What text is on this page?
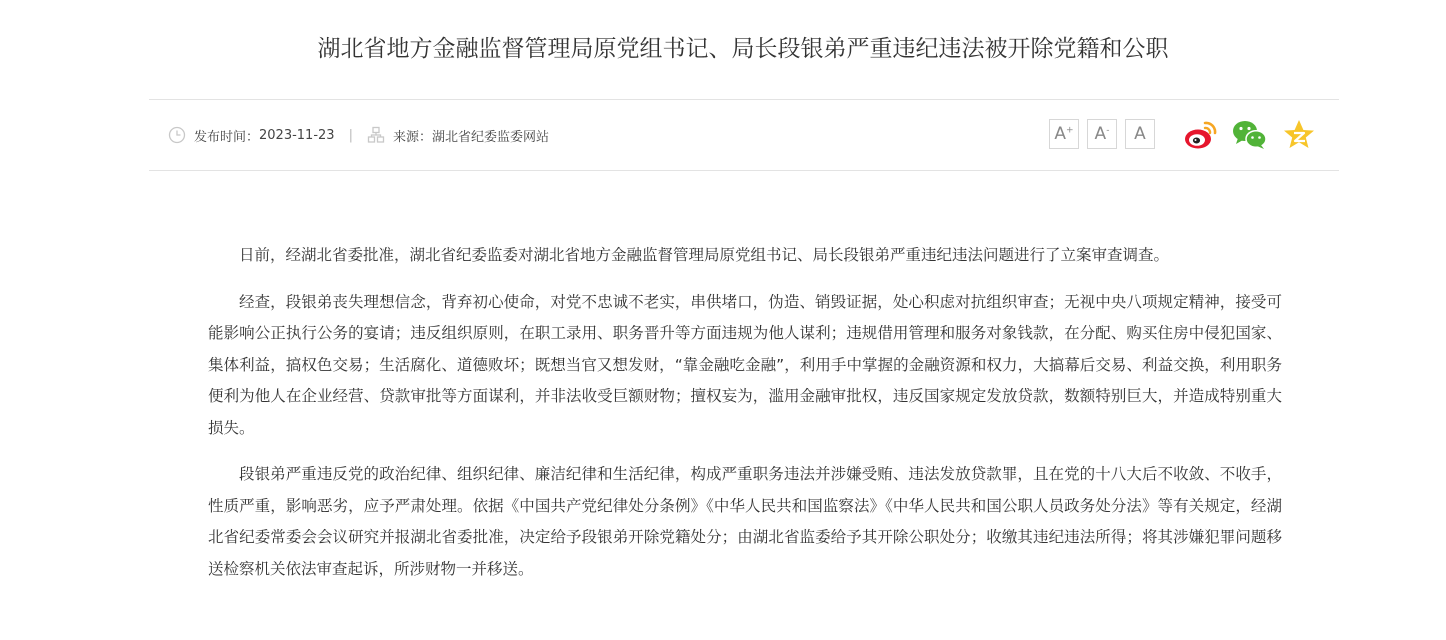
湖北省地方金融监督管理局原党组书记、局长段银弟严重违纪违法被开除党籍和公职
发布时间： 2023-11-23 |	来源： 湖北省纪委监委网站	A+	A-	A

日前，经湖北省委批准，湖北省纪委监委对湖北省地方金融监督管理局原党组书记、局长段银弟严重违纪违法问题进行了立案审查调查。

经查，段银弟丧失理想信念，背弃初心使命，对党不忠诚不老实，串供堵口，伪造、销毁证据，处心积虑对抗组织审查；无视中央八项规定精神，接受可能影响公正执行公务的宴请；违反组织原则，在职工录用、职务晋升等方面违规为他人谋利；违规借用管理和服务对象钱款，在分配、购买住房中侵犯国家、集体利益，搞权色交易；生活腐化、道德败坏；既想当官又想发财，“靠金融吃金融”，利用手中掌握的金融资源和权力，大搞幕后交易、利益交换，利用职务便利为他人在企业经营、贷款审批等方面谋利，并非法收受巨额财物；擅权妄为，滥用金融审批权，违反国家规定发放贷款，数额特别巨大，并造成特别重大损失。

段银弟严重违反党的政治纪律、组织纪律、廉洁纪律和生活纪律，构成严重职务违法并涉嫌受贿、违法发放贷款罪，且在党的十八大后不收敛、不收手，性质严重，影响恶劣，应予严肃处理。依据《中国共产党纪律处分条例》《中华人民共和国监察法》《中华人民共和国公职人员政务处分法》等有关规定，经湖北省纪委常委会会议研究并报湖北省委批准，决定给予段银弟开除党籍处分；由湖北省监委给予其开除公职处分；收缴其违纪违法所得；将其涉嫌犯罪问题移送检察机关依法审查起诉，所涉财物一并移送。
